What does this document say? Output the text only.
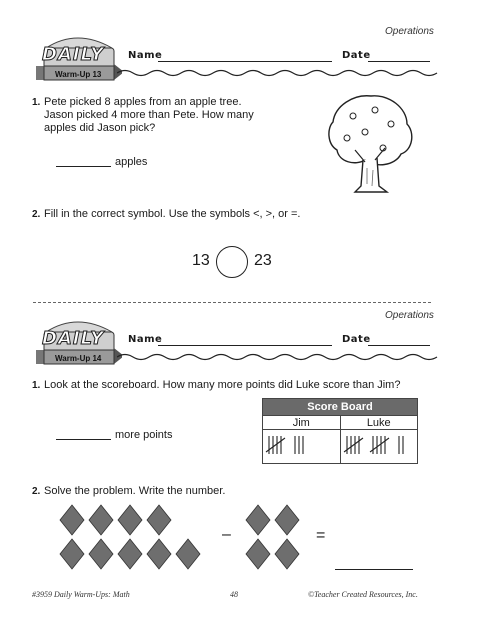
Operations
DAILY
Warm-Up 13
Name	Date
1. Pete picked 8 apples from an apple tree.
Jason picked 4 more than Pete. How many
apples did Jason pick?
apples
2. Fill in the correct symbol. Use the symbols <, >, or =.
13	23
Operations
DAILY
Warm-Up 14
Name	Date
1. Look at the scoreboard. How many more points did Luke score than Jim?
more points
Score Board	
Jim	Luke

2. Solve the problem. Write the number.
–	=
#3959 Daily Warm-Ups: Math	48	©Teacher Created Resources, Inc.
